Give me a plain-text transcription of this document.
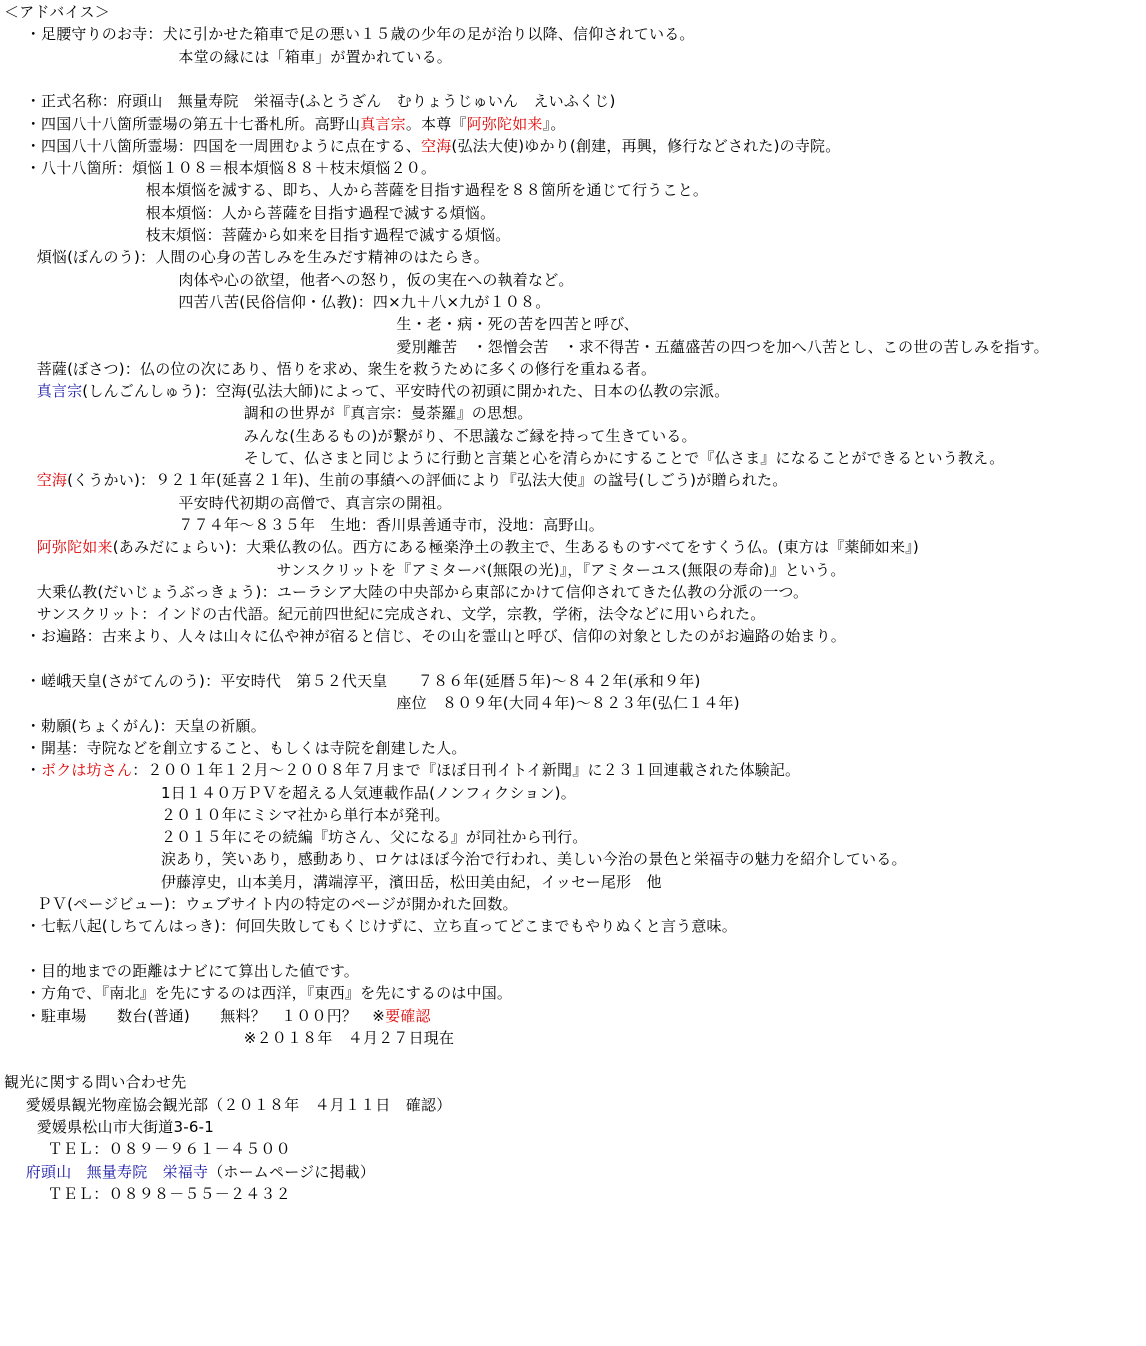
＜アドバイス＞
・足腰守りのお寺：犬に引かせた箱車で足の悪い１５歳の少年の足が治り以降、信仰されている。
本堂の縁には「箱車」が置かれている。
・正式名称：府頭山　無量寿院　栄福寺(ふとうざん　むりょうじゅいん　えいふくじ)
・四国八十八箇所霊場の第五十七番札所。高野山真言宗。本尊『阿弥陀如来』。
・四国八十八箇所霊場：四国を一周囲むように点在する、空海(弘法大使)ゆかり(創建，再興，修行などされた)の寺院。
・八十八箇所：煩悩１０８＝根本煩悩８８＋枝末煩悩２０。
根本煩悩を滅する、即ち、人から菩薩を目指す過程を８８箇所を通じて行うこと。
根本煩悩：人から菩薩を目指す過程で滅する煩悩。
枝末煩悩：菩薩から如来を目指す過程で滅する煩悩。
煩悩(ぼんのう)：人間の心身の苦しみを生みだす精神のはたらき。
肉体や心の欲望，他者への怒り，仮の実在への執着など。
四苦八苦(民俗信仰・仏教)：四×九＋八×九が１０８。
生・老・病・死の苦を四苦と呼び、
愛別離苦　・怨憎会苦　・求不得苦・五蘊盛苦の四つを加へ八苦とし、この世の苦しみを指す。
菩薩(ぼさつ)：仏の位の次にあり、悟りを求め、衆生を救うために多くの修行を重ねる者。
真言宗(しんごんしゅう)：空海(弘法大師)によって、平安時代の初頭に開かれた、日本の仏教の宗派。
調和の世界が『真言宗：曼荼羅』の思想。
みんな(生あるもの)が繋がり、不思議なご縁を持って生きている。
そして、仏さまと同じように行動と言葉と心を清らかにすることで『仏さま』になることができるという教え。
空海(くうかい)：９２１年(延喜２１年)、生前の事績への評価により『弘法大使』の諡号(しごう)が贈られた。
平安時代初期の高僧で、真言宗の開祖。
７７４年～８３５年　生地：香川県善通寺市，没地：高野山。
阿弥陀如来(あみだにょらい)：大乗仏教の仏。西方にある極楽浄土の教主で、生あるものすべてをすくう仏。(東方は『薬師如来』)
サンスクリットを『アミターバ(無限の光)』，『アミターユス(無限の寿命)』という。
大乗仏教(だいじょうぶっきょう)：ユーラシア大陸の中央部から東部にかけて信仰されてきた仏教の分派の一つ。
サンスクリット：インドの古代語。紀元前四世紀に完成され、文学，宗教，学術，法令などに用いられた。
・お遍路：古来より、人々は山々に仏や神が宿ると信じ、その山を霊山と呼び、信仰の対象としたのがお遍路の始まり。
・嵯峨天皇(さがてんのう)：平安時代　第５２代天皇　　７８６年(延暦５年)～８４２年(承和９年)
座位　８０９年(大同４年)～８２３年(弘仁１４年)
・勅願(ちょくがん)：天皇の祈願。
・開基：寺院などを創立すること、もしくは寺院を創建した人。
・ボクは坊さん：２００１年１２月～２００８年７月まで『ほぼ日刊イトイ新聞』に２３１回連載された体験記。
1日１４０万ＰＶを超える人気連載作品(ノンフィクション)。
２０１０年にミシマ社から単行本が発刊。
２０１５年にその続編『坊さん、父になる』が同社から刊行。
涙あり，笑いあり，感動あり、ロケはほぼ今治で行われ、美しい今治の景色と栄福寺の魅力を紹介している。
伊藤淳史，山本美月，溝端淳平，濱田岳，松田美由紀，イッセー尾形　他
ＰＶ(ページビュー)：ウェブサイト内の特定のページが開かれた回数。
・七転八起(しちてんはっき)：何回失敗してもくじけずに、立ち直ってどこまでもやりぬくと言う意味。
・目的地までの距離はナビにて算出した値です。
・方角で、『南北』を先にするのは西洋，『東西』を先にするのは中国。
・駐車場　　数台(普通)　　無料？　１００円？　※要確認
※２０１８年　４月２７日現在
観光に関する問い合わせ先
愛媛県観光物産協会観光部（２０１８年　４月１１日　確認）
愛媛県松山市大街道3-6-1
ＴＥＬ：０８９－９６１－４５００
府頭山　無量寿院　栄福寺（ホームページに掲載）
ＴＥＬ：０８９８－５５－２４３２
